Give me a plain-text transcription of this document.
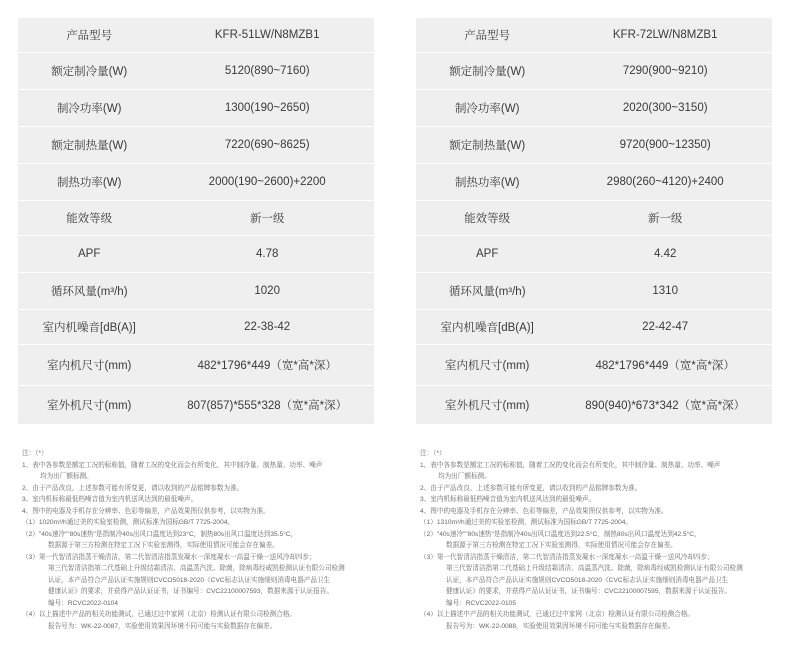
产品型号	KFR-51LW/N8MZB1
额定制冷量(W)	5120(890~7160)
制冷功率(W)	1300(190~2650)
额定制热量(W)	7220(690~8625)
制热功率(W)	2000(190~2600)+2200
能效等级	新一级
APF	4.78
循环风量(m³/h)	1020
室内机噪音[dB(A)]	22-38-42
室内机尺寸(mm)	482*1796*449（宽*高*深）
室外机尺寸(mm)	807(857)*555*328（宽*高*深）
产品型号	KFR-72LW/N8MZB1
额定制冷量(W)	7290(900~9210)
制冷功率(W)	2020(300~3150)
额定制热量(W)	9720(900~12350)
制热功率(W)	2980(260~4120)+2400
能效等级	新一级
APF	4.42
循环风量(m³/h)	1310
室内机噪音[dB(A)]	22-42-47
室内机尺寸(mm)	482*1796*449（宽*高*深）
室外机尺寸(mm)	890(940)*673*342（宽*高*深）

注：（*）

1、表中各参数是额定工况的标称值，随着工况的变化而会有所变化，其中制冷量、制热量、功率、噪声

均为出厂额标测。

2、由于产品改良，上述参数可能有所变更，请以收到的产品铭牌参数为准。

3、室内机标称最低档噪音值为室内机送风达到的最低噪声。

4、图中的电器及手机存在分辨率、色彩等偏差，产品效果图仅供参考，以实物为准。

（1）1020m³/h通过美的实验室检测，测试标准为国标GB/T 7725-2004。

（2）"40s速冷""80s速热"是指制冷40s出风口温度达到23°C，制热80s出风口温度达到35.5°C，

数据源于第三方检测在特定工况下实验室测得，实际使用情况可能会存在偏差。

（3）第一代智清洁指蒸干燥清洁，第二代智清洁指蒸发凝水一深度凝水一高温干燥一送风冷却四步；

第三代智清洁指第二代基础上升级结霜清洁、高温蒸汽洗、除菌，除病毒经威凯检测认证有限公司检测

认证，本产品符合产品认证实施规则CVCO5018-2020《CVC标志认证实施细则消毒电器产品卫生

健康认证》的要求，并获得产品认证证书，证书编号：CVC22100007593，数据来源于认证报告。

编号：RCVC2022-0104

（4）以上描述中产品的相关功能测试，已通过过中家网（北京）检测认证有限公司检测合格。

报告号为：WK-22-0087，实验使用效果因环境不同可能与实验数据存在偏差。

注：（*）

1、表中各参数是额定工况的标称值，随着工况的变化而会有所变化，其中制冷量、制热量、功率、噪声

均为出厂额标测。

2、由于产品改良，上述参数可能有所变更，请以收到的产品铭牌参数为准。

3、室内机标称最低档噪音值为室内机送风达到的最低噪声。

4、图中的电器及手机存在分辨率、色彩等偏差，产品效果图仅供参考，以实物为准。

（1）1310m³/h通过美的实验室检测，测试标准为国标GB/T 7725-2004。

（2）"40s速冷""80s速热"是指制冷40s出风口温度达到22.5°C，制热80s出风口温度达到42.5°C，

数据源于第三方检测在特定工况下实验室测得，实际使用情况可能会存在偏差。

（3）第一代智清洁指蒸干燥清洁，第二代智清洁指蒸发凝水一深度凝水一高温干燥一送风冷却四步；

第三代智清洁指第二代基础上升级结霜清洁、高温蒸汽洗、除菌，除病毒经威凯检测认证有限公司检测

认证，本产品符合产品认证实施规则CVCO5018-2020《CVC标志认证实施细则消毒电器产品卫生

健康认证》的要求，并获得产品认证证书，证书编号：CVC22100007595，数据来源于认证报告。

编号：RCVC2022-0105

（4）以上描述中产品的相关功能测试，已通过过中家网（北京）检测认证有限公司检测合格。

报告号为：WK-22-0088，实验使用效果因环境不同可能与实验数据存在偏差。
